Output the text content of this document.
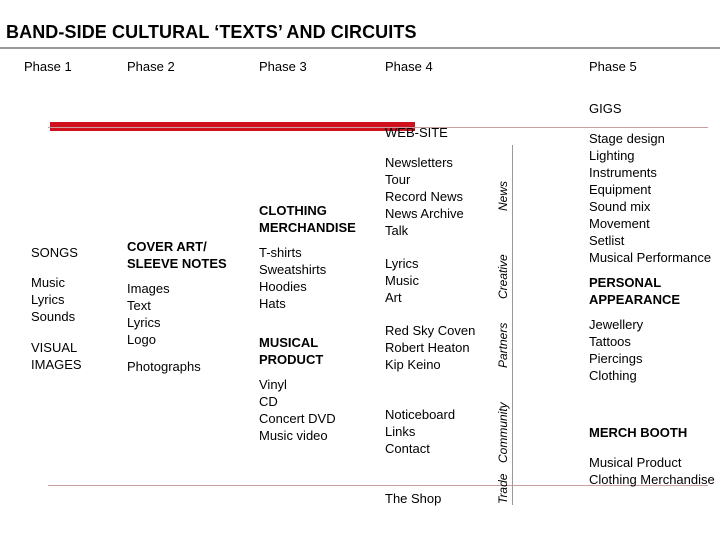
BAND-SIDE CULTURAL ‘TEXTS’ AND CIRCUITS
Phase 1	Phase 2	Phase 3	Phase 4	Phase 5
SONGS
Music
Lyrics
Sounds
VISUAL
IMAGES
COVER ART/
SLEEVE NOTES
Images
Text
Lyrics
Logo
Photographs
CLOTHING
MERCHANDISE
T-shirts
Sweatshirts
Hoodies
Hats
MUSICAL
PRODUCT
Vinyl
CD
Concert DVD
Music video
WEB-SITE
Newsletters
Tour
Record News
News Archive
Talk
Lyrics
Music
Art
Red Sky Coven
Robert Heaton
Kip Keino
Noticeboard
Links
Contact
The Shop
News
Creative
Partners
Community
Trade
GIGS
Stage design
Lighting
Instruments
Equipment
Sound mix
Movement
Setlist
Musical Performance
PERSONAL
APPEARANCE
Jewellery
Tattoos
Piercings
Clothing
MERCH BOOTH
Musical Product
Clothing Merchandise
